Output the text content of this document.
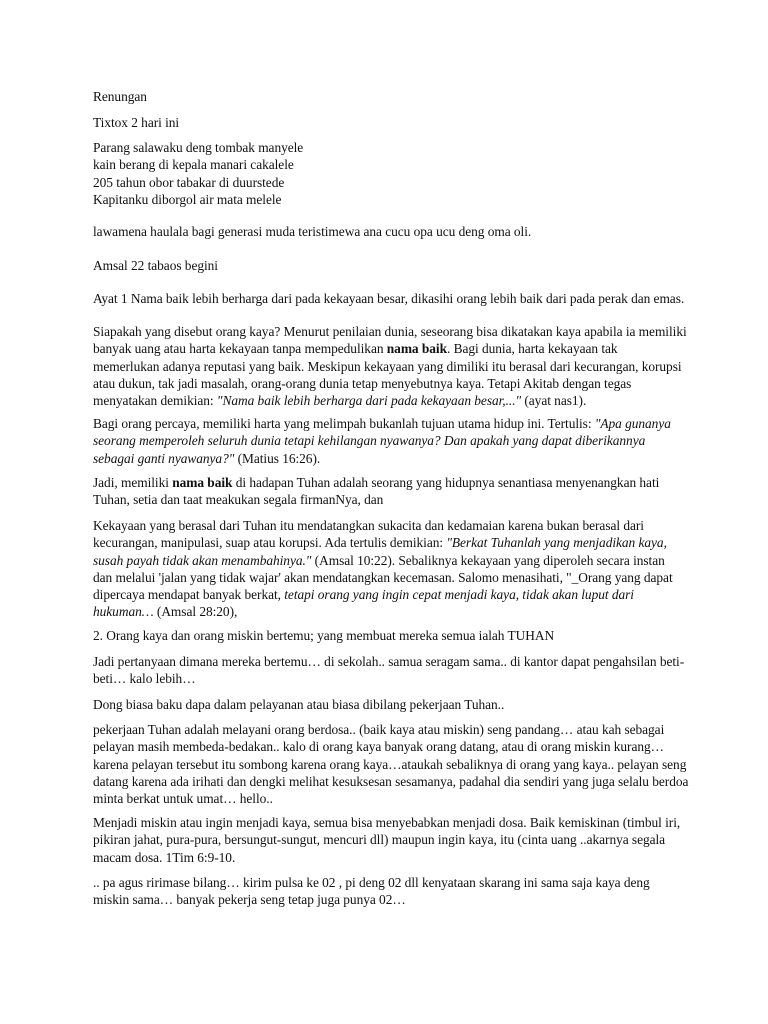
Renungan

Tixtox 2 hari ini

Parang salawaku deng tombak manyele
kain berang di kepala manari cakalele
205 tahun obor tabakar di duurstede
Kapitanku diborgol air mata melele

lawamena haulala bagi generasi muda teristimewa ana cucu opa ucu deng oma oli.

Amsal 22 tabaos begini

Ayat 1 Nama baik lebih berharga dari pada kekayaan besar, dikasihi orang lebih baik dari pada perak dan emas.

Siapakah yang disebut orang kaya? Menurut penilaian dunia, seseorang bisa dikatakan kaya apabila ia memiliki
banyak uang atau harta kekayaan tanpa mempedulikan nama baik. Bagi dunia, harta kekayaan tak
memerlukan adanya reputasi yang baik. Meskipun kekayaan yang dimiliki itu berasal dari kecurangan, korupsi
atau dukun, tak jadi masalah, orang-orang dunia tetap menyebutnya kaya. Tetapi Akitab dengan tegas
menyatakan demikian: "Nama baik lebih berharga dari pada kekayaan besar,..." (ayat nas1).

Bagi orang percaya, memiliki harta yang melimpah bukanlah tujuan utama hidup ini. Tertulis: "Apa gunanya
seorang memperoleh seluruh dunia tetapi kehilangan nyawanya? Dan apakah yang dapat diberikannya
sebagai ganti nyawanya?" (Matius 16:26).

Jadi, memiliki nama baik di hadapan Tuhan adalah seorang yang hidupnya senantiasa menyenangkan hati
Tuhan, setia dan taat meakukan segala firmanNya, dan

Kekayaan yang berasal dari Tuhan itu mendatangkan sukacita dan kedamaian karena bukan berasal dari
kecurangan, manipulasi, suap atau korupsi. Ada tertulis demikian: "Berkat Tuhanlah yang menjadikan kaya,
susah payah tidak akan menambahinya." (Amsal 10:22). Sebaliknya kekayaan yang diperoleh secara instan
dan melalui 'jalan yang tidak wajar' akan mendatangkan kecemasan. Salomo menasihati, "_Orang yang dapat
dipercaya mendapat banyak berkat, tetapi orang yang ingin cepat menjadi kaya, tidak akan luput dari
hukuman… (Amsal 28:20),

2. Orang kaya dan orang miskin bertemu; yang membuat mereka semua ialah TUHAN

Jadi pertanyaan dimana mereka bertemu… di sekolah.. samua seragam sama.. di kantor dapat pengahsilan beti-
beti… kalo lebih…

Dong biasa baku dapa dalam pelayanan atau biasa dibilang pekerjaan Tuhan..

pekerjaan Tuhan adalah melayani orang berdosa.. (baik kaya atau miskin) seng pandang… atau kah sebagai
pelayan masih membeda-bedakan.. kalo di orang kaya banyak orang datang, atau di orang miskin kurang…
karena pelayan tersebut itu sombong karena orang kaya…ataukah sebaliknya di orang yang kaya.. pelayan seng
datang karena ada irihati dan dengki melihat kesuksesan sesamanya, padahal dia sendiri yang juga selalu berdoa
minta berkat untuk umat… hello..

Menjadi miskin atau ingin menjadi kaya, semua bisa menyebabkan menjadi dosa. Baik kemiskinan (timbul iri,
pikiran jahat, pura-pura, bersungut-sungut, mencuri dll) maupun ingin kaya, itu (cinta uang ..akarnya segala
macam dosa. 1Tim 6:9-10.

.. pa agus ririmase bilang… kirim pulsa ke 02 , pi deng 02 dll kenyataan skarang ini sama saja kaya deng
miskin sama… banyak pekerja seng tetap juga punya 02…
